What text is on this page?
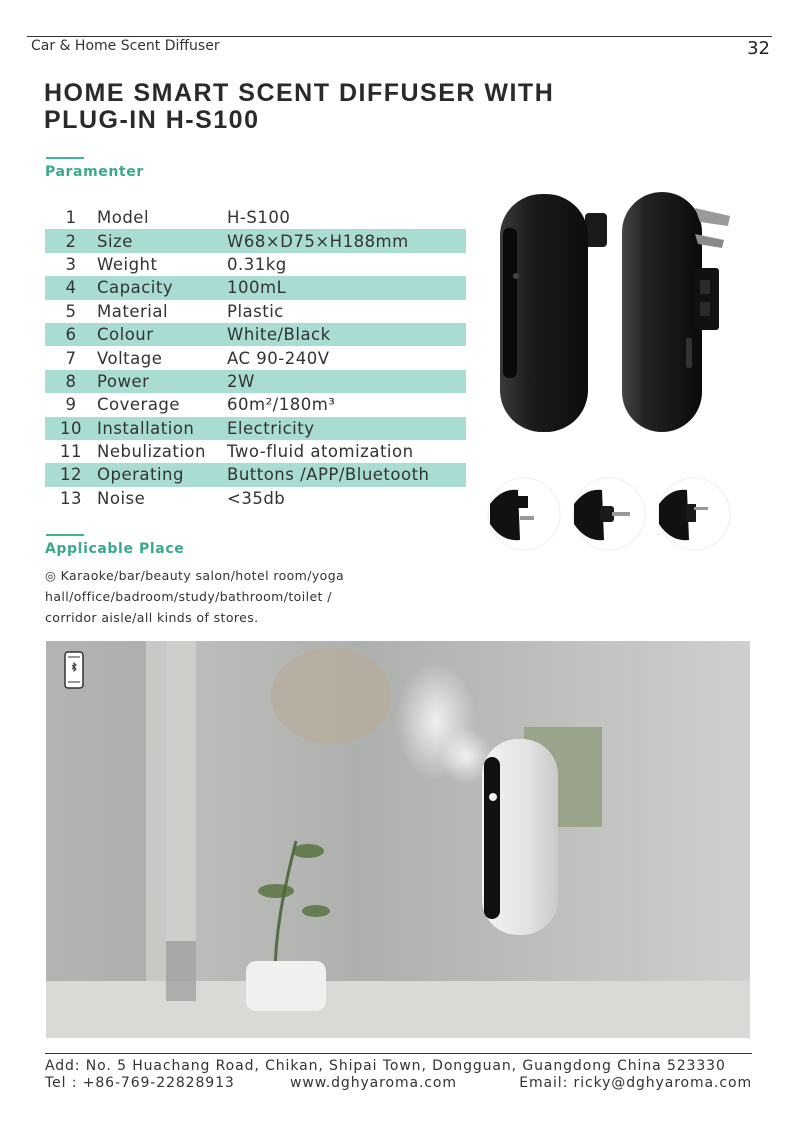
Car & Home Scent Diffuser	32
HOME SMART SCENT DIFFUSER WITH
PLUG-IN H-S100
Paramenter
1	Model	H-S100
2	Size	W68×D75×H188mm
3	Weight	0.31kg
4	Capacity	100mL
5	Material	Plastic
6	Colour	White/Black
7	Voltage	AC 90-240V
8	Power	2W
9	Coverage	60m²/180m³
10 Installation	Electricity
11 Nebulization	Two-fluid atomization
12 Operating	Buttons /APP/Bluetooth
13 Noise	<35db
Applicable Place
◎ Karaoke/bar/beauty salon/hotel room/yoga hall/office/badroom/study/bathroom/toilet / corridor aisle/all kinds of stores.
Add: No. 5 Huachang Road, Chikan, Shipai Town, Dongguan, Guangdong China 523330
Tel : +86-769-22828913	www.dghyaroma.com	Email: ricky@dghyaroma.com
